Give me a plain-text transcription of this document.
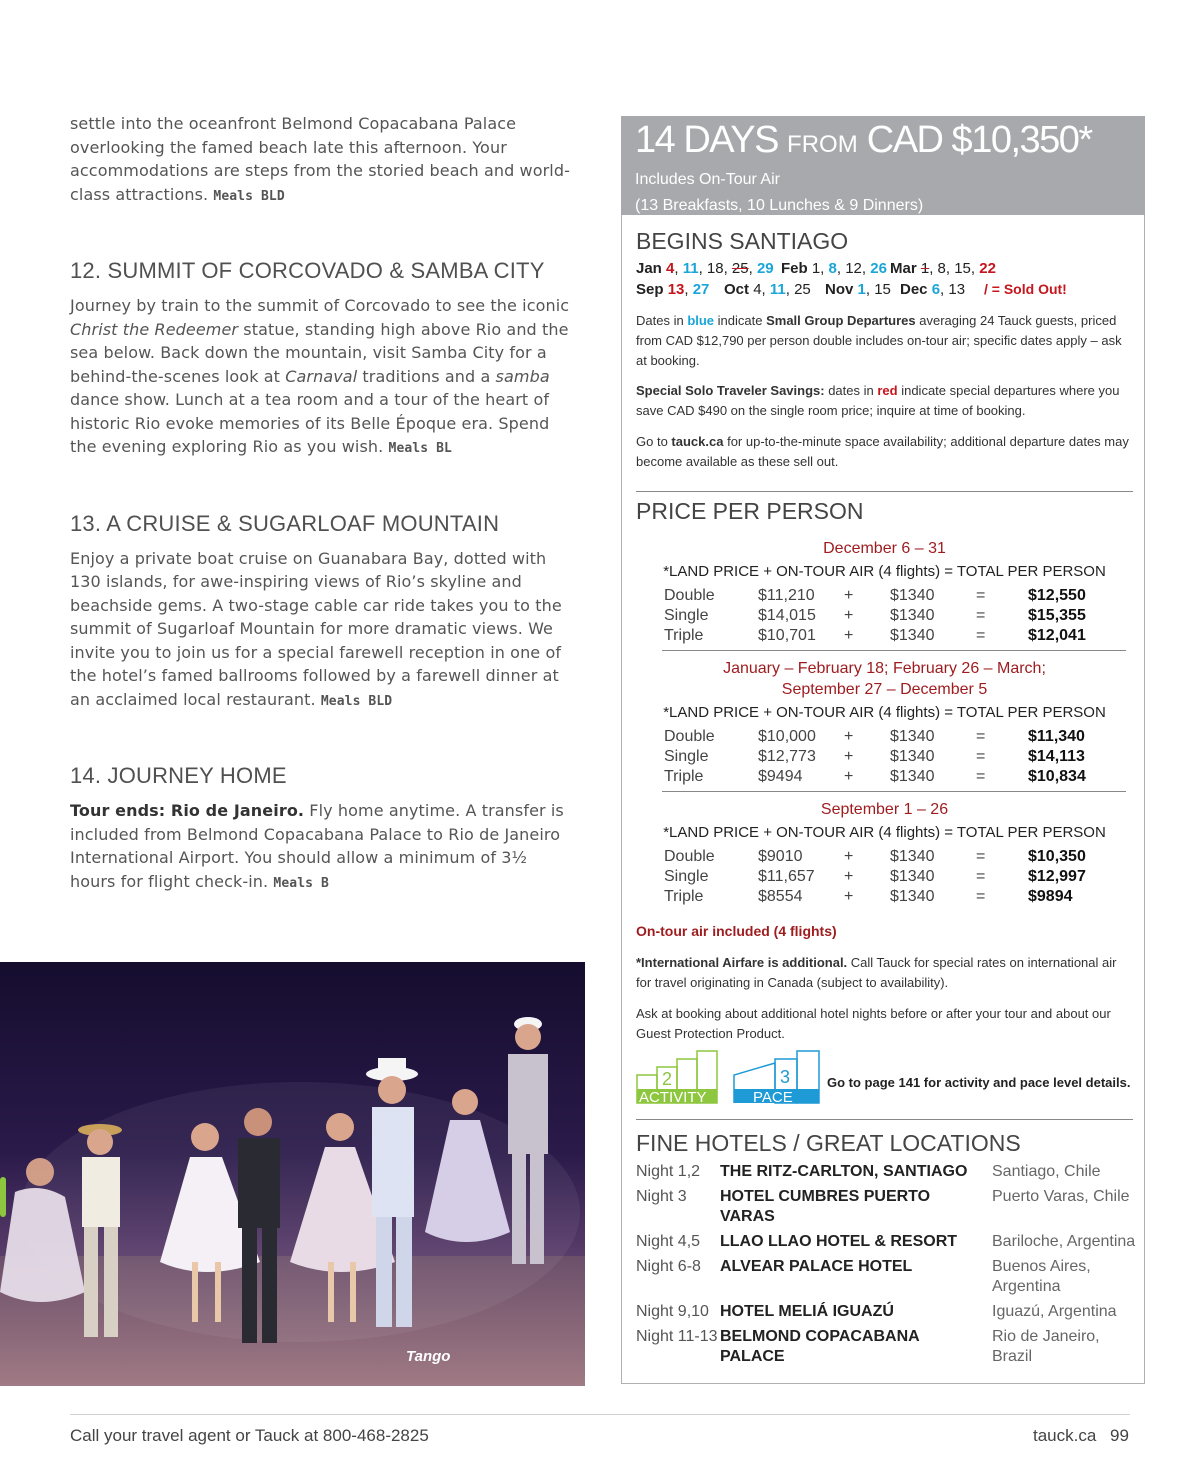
settle into the oceanfront Belmond Copacabana Palace overlooking the famed beach late this afternoon. Your accommodations are steps from the storied beach and world-class attractions. Meals BLD

12. SUMMIT OF CORCOVADO & SAMBA CITY

Journey by train to the summit of Corcovado to see the iconic Christ the Redeemer statue, standing high above Rio and the sea below. Back down the mountain, visit Samba City for a behind-the-scenes look at Carnaval traditions and a samba dance show. Lunch at a tea room and a tour of the heart of historic Rio evoke memories of its Belle Époque era. Spend the evening exploring Rio as you wish. Meals BL

13. A CRUISE & SUGARLOAF MOUNTAIN

Enjoy a private boat cruise on Guanabara Bay, dotted with 130 islands, for awe-inspiring views of Rio’s skyline and beachside gems. A two-stage cable car ride takes you to the summit of Sugarloaf Mountain for more dramatic views. We invite you to join us for a special farewell reception in one of the hotel’s famed ballrooms followed by a farewell dinner at an acclaimed local restaurant. Meals BLD

14. JOURNEY HOME

Tour ends: Rio de Janeiro. Fly home anytime. A transfer is included from Belmond Copacabana Palace to Rio de Janeiro International Airport. You should allow a minimum of 3½ hours for flight check-in. Meals B

Tango
14 DAYS FROM CAD $10,350*
Includes On-Tour Air
(13 Breakfasts, 10 Lunches & 9 Dinners)
BEGINS SANTIAGO
Jan 4, 11, 18, 25, 29 Feb 1, 8, 12, 26 Mar 1, 8, 15, 22
Sep 13, 27 Oct 4, 11, 25 Nov 1, 15 Dec 6, 13 / = Sold Out!
Dates in blue indicate Small Group Departures averaging 24 Tauck guests, priced from CAD $12,790 per person double includes on-tour air; specific dates apply – ask at booking.
Special Solo Traveler Savings: dates in red indicate special departures where you save CAD $490 on the single room price; inquire at time of booking.
Go to tauck.ca for up-to-the-minute space availability; additional departure dates may become available as these sell out.
PRICE PER PERSON
December 6 – 31
*LAND PRICE + ON-TOUR AIR (4 flights) = TOTAL PER PERSON
Double	$11,210 + $1340	=	$12,550
Single	$14,015 + $1340	=	$15,355
Triple	$10,701 + $1340	=	$12,041
January – February 18; February 26 – March;
September 27 – December 5
*LAND PRICE + ON-TOUR AIR (4 flights) = TOTAL PER PERSON
Double	$10,000 + $1340	=	$11,340
Single	$12,773 + $1340	=	$14,113
Triple	$9494	+ $1340	=	$10,834
September 1 – 26
*LAND PRICE + ON-TOUR AIR (4 flights) = TOTAL PER PERSON
Double	$9010	+ $1340	=	$10,350
Single	$11,657 + $1340	=	$12,997
Triple	$8554	+ $1340	=	$9894
On-tour air included (4 flights)
*International Airfare is additional. Call Tauck for special rates on international air for travel originating in Canada (subject to availability).
Ask at booking about additional hotel nights before or after your tour and about our Guest Protection Product.
2
ACTIVITY
3
PACE
Go to page 141 for activity and pace level details.
FINE HOTELS / GREAT LOCATIONS
Night 1,2 THE RITZ-CARLTON, SANTIAGO	Santiago, Chile
Night 3 HOTEL CUMBRES PUERTO VARAS
Puerto Varas, Chile
Night 4,5 LLAO LLAO HOTEL & RESORT	Bariloche, Argentina
Night 6-8 ALVEAR PALACE HOTEL	Buenos Aires, Argentina
Night 9,10 HOTEL MELIÁ IGUAZÚ	Iguazú, Argentina
Night 11-13 BELMOND COPACABANA PALACE
Rio de Janeiro, Brazil
Call your travel agent or Tauck at 800-468-2825	tauck.ca 99
